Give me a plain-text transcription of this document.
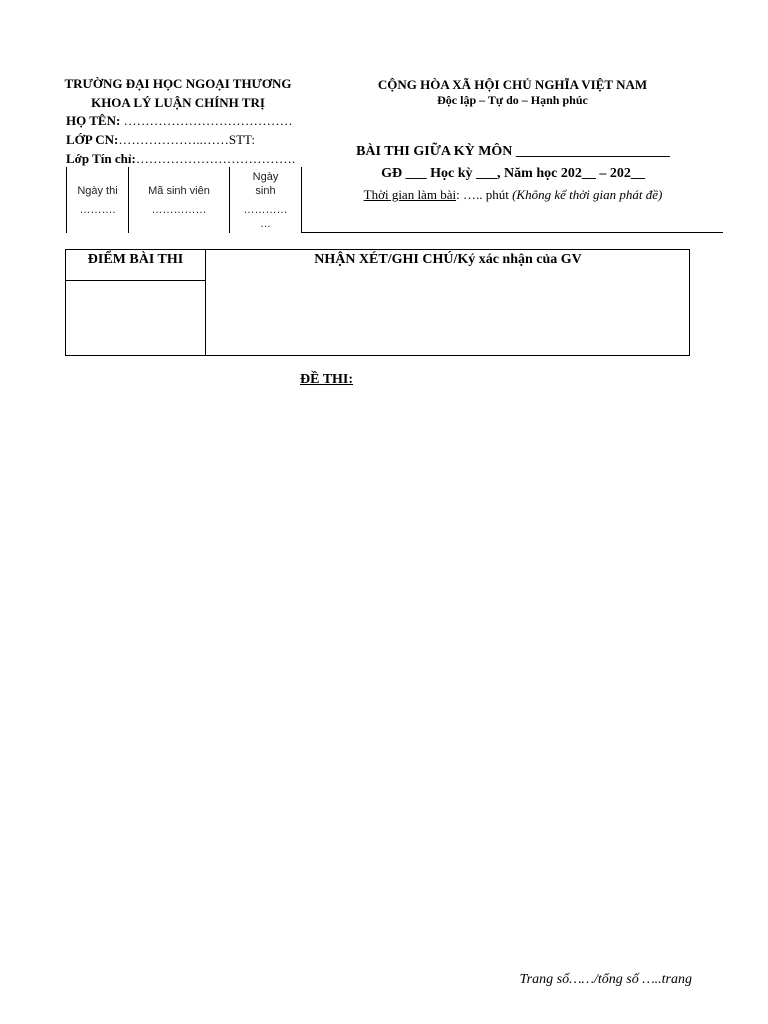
TRƯỜNG ĐẠI HỌC NGOẠI THƯƠNG
KHOA LÝ LUẬN CHÍNH TRỊ
HỌ TÊN: …………………………………
LỚP CN:………………..……STT:
Lớp Tín chỉ:……………………………….
Ngày thi
……….
Mã sinh viên
……………
Ngày
sinh
…………
…
CỘNG HÒA XÃ HỘI CHỦ NGHĨA VIỆT NAM
Độc lập – Tự do – Hạnh phúc
BÀI THI GIỮA KỲ MÔN ______________________
GĐ ___ Học kỳ ___, Năm học 202__ – 202__
Thời gian làm bài: ….. phút (Không kể thời gian phát đề)
ĐIỂM BÀI THI	NHẬN XÉT/GHI CHÚ/Ký xác nhận của GV
ĐỀ THI:
Trang số……/tổng số …..trang
